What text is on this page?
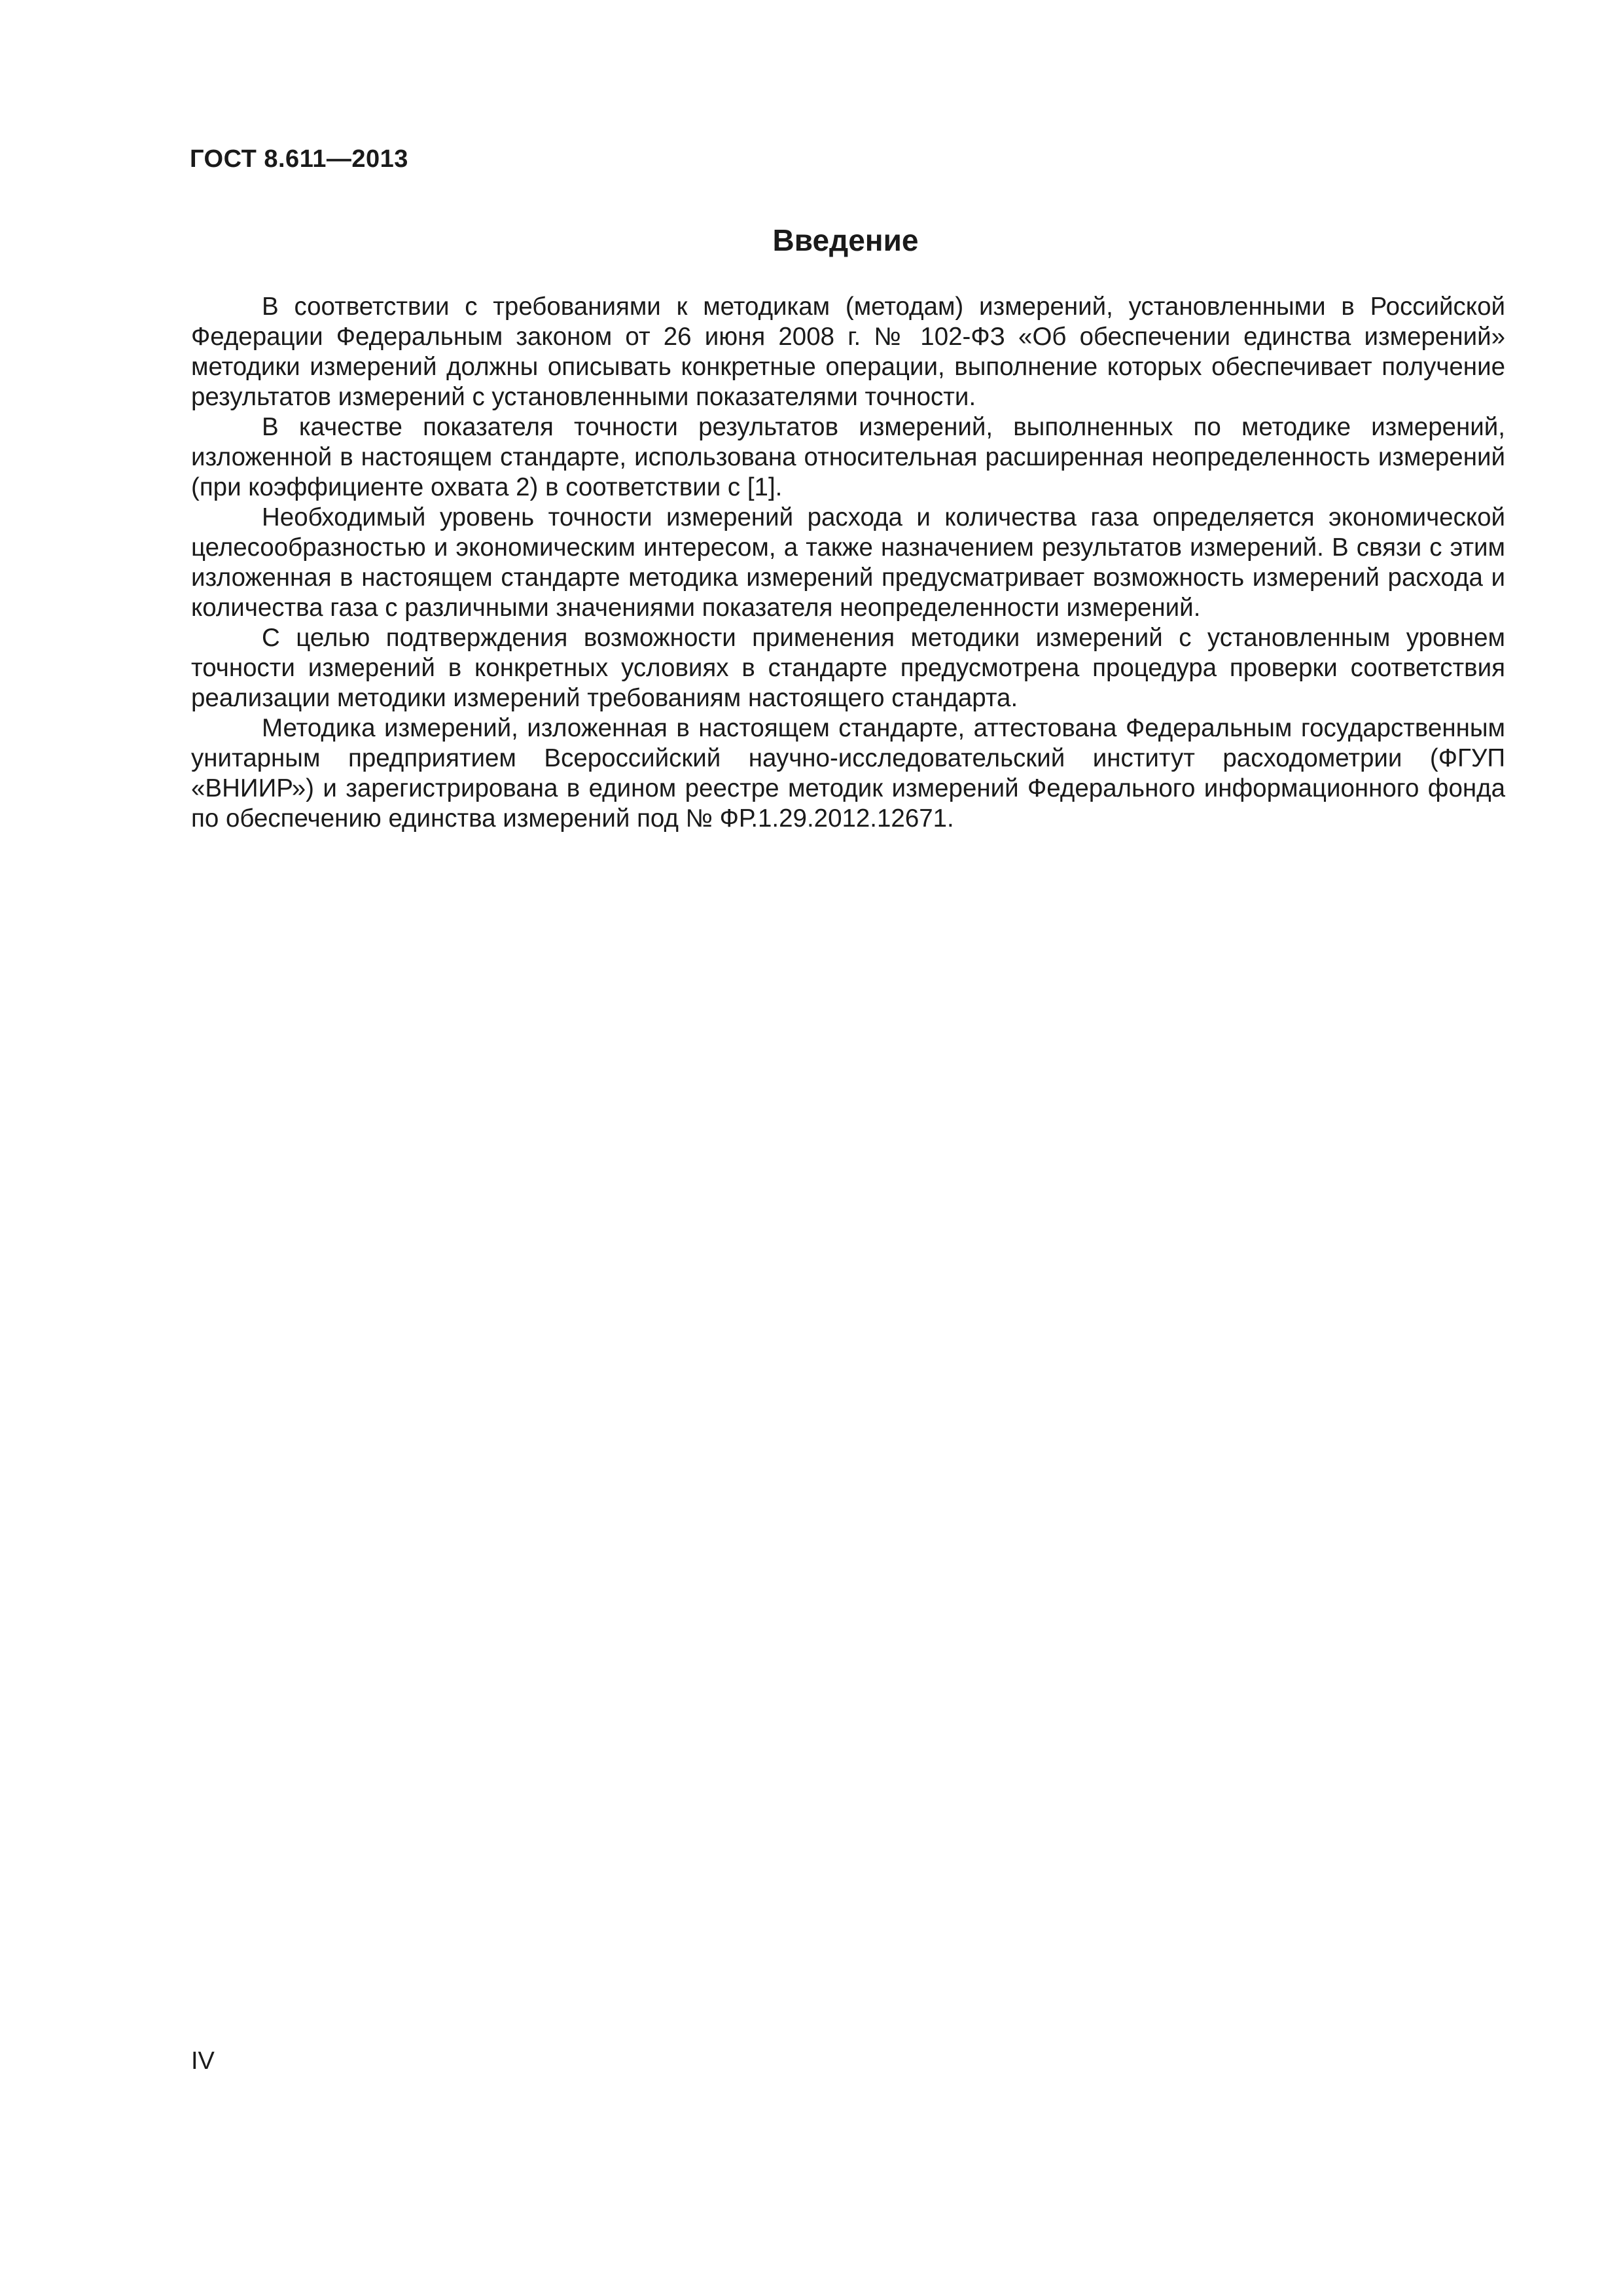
ГОСТ 8.611—2013
Введение

В соответствии с требованиями к методикам (методам) измерений, установленными в Российской Федерации Федеральным законом от 26 июня 2008 г. № 102-ФЗ «Об обеспечении единства измерений» методики измерений должны описывать конкретные операции, выполнение которых обеспечивает получение результатов измерений с установленными показателями точности.

В качестве показателя точности результатов измерений, выполненных по методике измерений, изложенной в настоящем стандарте, использована относительная расширенная неопределенность измерений (при коэффициенте охвата 2) в соответствии с [1].

Необходимый уровень точности измерений расхода и количества газа определяется экономической целесообразностью и экономическим интересом, а также назначением результатов измерений. В связи с этим изложенная в настоящем стандарте методика измерений предусматривает возможность измерений расхода и количества газа с различными значениями показателя неопределенности измерений.

С целью подтверждения возможности применения методики измерений с установленным уровнем точности измерений в конкретных условиях в стандарте предусмотрена процедура проверки соответствия реализации методики измерений требованиям настоящего стандарта.

Методика измерений, изложенная в настоящем стандарте, аттестована Федеральным государственным унитарным предприятием Всероссийский научно-исследовательский институт расходометрии (ФГУП «ВНИИР») и зарегистрирована в едином реестре методик измерений Федерального информационного фонда по обеспечению единства измерений под № ФР.1.29.2012.12671.

IV
